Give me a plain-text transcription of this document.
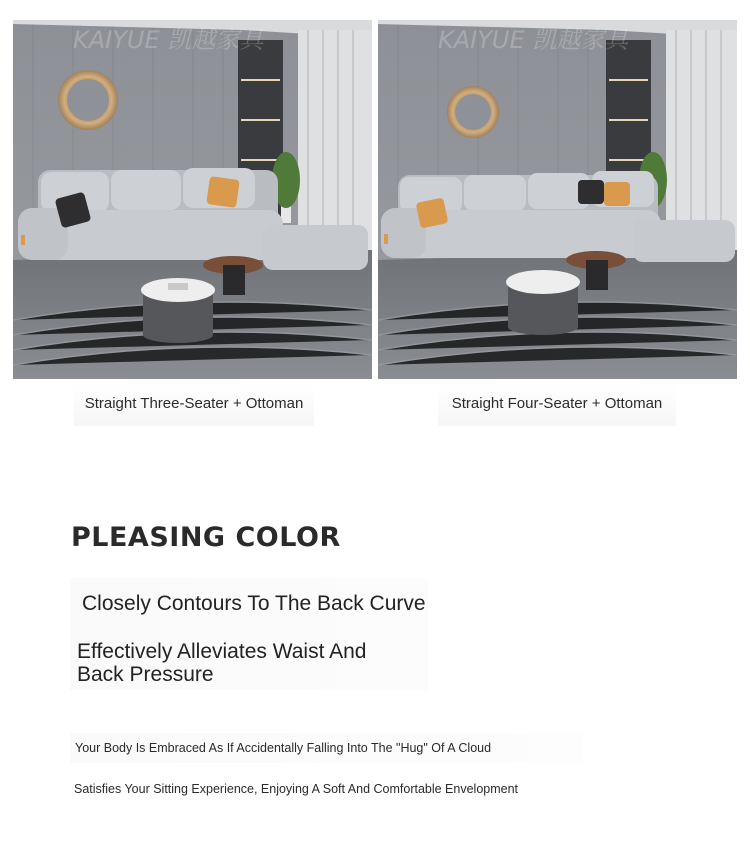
KAIYUE 凯越家具	KAIYUE 凯越家具
Straight Three-Seater + Ottoman	Straight Four-Seater + Ottoman
PLEASING COLOR
Closely Contours To The Back Curve
Effectively Alleviates Waist And Back Pressure
Your Body Is Embraced As If Accidentally Falling Into The "Hug" Of A Cloud
Satisfies Your Sitting Experience, Enjoying A Soft And Comfortable Envelopment
